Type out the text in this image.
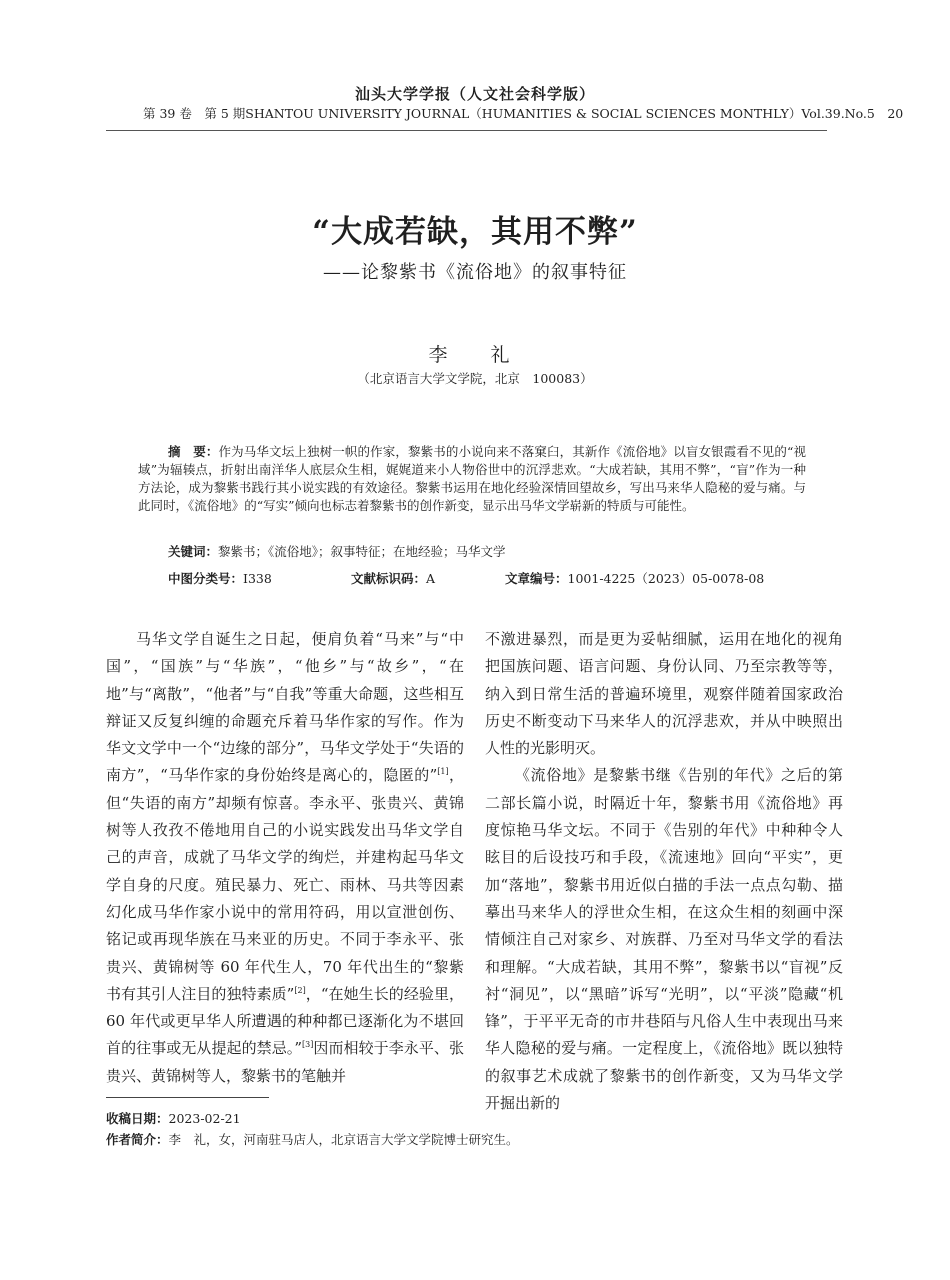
汕头大学学报（人文社会科学版）
第 39 卷　第 5 期 SHANTOU UNIVERSITY JOURNAL（HUMANITIES & SOCIAL SCIENCES MONTHLY） Vol.39.No.5　20
“大成若缺，其用不弊”
——论黎紫书《流俗地》的叙事特征
李　礼
（北京语言大学文学院，北京　100083）
摘　要：作为马华文坛上独树一帜的作家，黎紫书的小说向来不落窠臼，其新作《流俗地》以盲女银霞看不见的“视域”为辐辏点，折射出南洋华人底层众生相，娓娓道来小人物俗世中的沉浮悲欢。“大成若缺，其用不弊”，“盲”作为一种方法论，成为黎紫书践行其小说实践的有效途径。黎紫书运用在地化经验深情回望故乡，写出马来华人隐秘的爱与痛。与此同时，《流俗地》的“写实”倾向也标志着黎紫书的创作新变，显示出马华文学崭新的特质与可能性。
关键词：黎紫书；《流俗地》；叙事特征；在地经验；马华文学
中图分类号：I338	文献标识码：A	文章编号：1001-4225（2023）05-0078-08

马华文学自诞生之日起，便肩负着“马来”与“中国”，“国族”与“华族”，“他乡”与“故乡”，“在地”与“离散”，“他者”与“自我”等重大命题，这些相互辩证又反复纠缠的命题充斥着马华作家的写作。作为华文文学中一个“边缘的部分”，马华文学处于“失语的南方”，“马华作家的身份始终是离心的，隐匿的”[1]，但“失语的南方”却频有惊喜。李永平、张贵兴、黄锦树等人孜孜不倦地用自己的小说实践发出马华文学自己的声音，成就了马华文学的绚烂，并建构起马华文学自身的尺度。殖民暴力、死亡、雨林、马共等因素幻化成马华作家小说中的常用符码，用以宣泄创伤、铭记或再现华族在马来亚的历史。不同于李永平、张贵兴、黄锦树等 60 年代生人，70 年代出生的“黎紫书有其引人注目的独特素质”[2]，“在她生长的经验里，60 年代或更早华人所遭遇的种种都已逐渐化为不堪回首的往事或无从提起的禁忌。”[3]因而相较于李永平、张贵兴、黄锦树等人，黎紫书的笔触并

不激进暴烈，而是更为妥帖细腻，运用在地化的视角把国族问题、语言问题、身份认同、乃至宗教等等，纳入到日常生活的普遍环境里，观察伴随着国家政治历史不断变动下马来华人的沉浮悲欢，并从中映照出人性的光影明灭。

《流俗地》是黎紫书继《告别的年代》之后的第二部长篇小说，时隔近十年，黎紫书用《流俗地》再度惊艳马华文坛。不同于《告别的年代》中种种令人眩目的后设技巧和手段，《流速地》回向“平实”，更加“落地”，黎紫书用近似白描的手法一点点勾勒、描摹出马来华人的浮世众生相，在这众生相的刻画中深情倾注自己对家乡、对族群、乃至对马华文学的看法和理解。“大成若缺，其用不弊”，黎紫书以“盲视”反衬“洞见”，以“黑暗”诉写“光明”，以“平淡”隐藏“机锋”，于平平无奇的市井巷陌与凡俗人生中表现出马来华人隐秘的爱与痛。一定程度上，《流俗地》既以独特的叙事艺术成就了黎紫书的创作新变，又为马华文学开掘出新的

收稿日期：2023-02-21
作者简介：李　礼，女，河南驻马店人，北京语言大学文学院博士研究生。
